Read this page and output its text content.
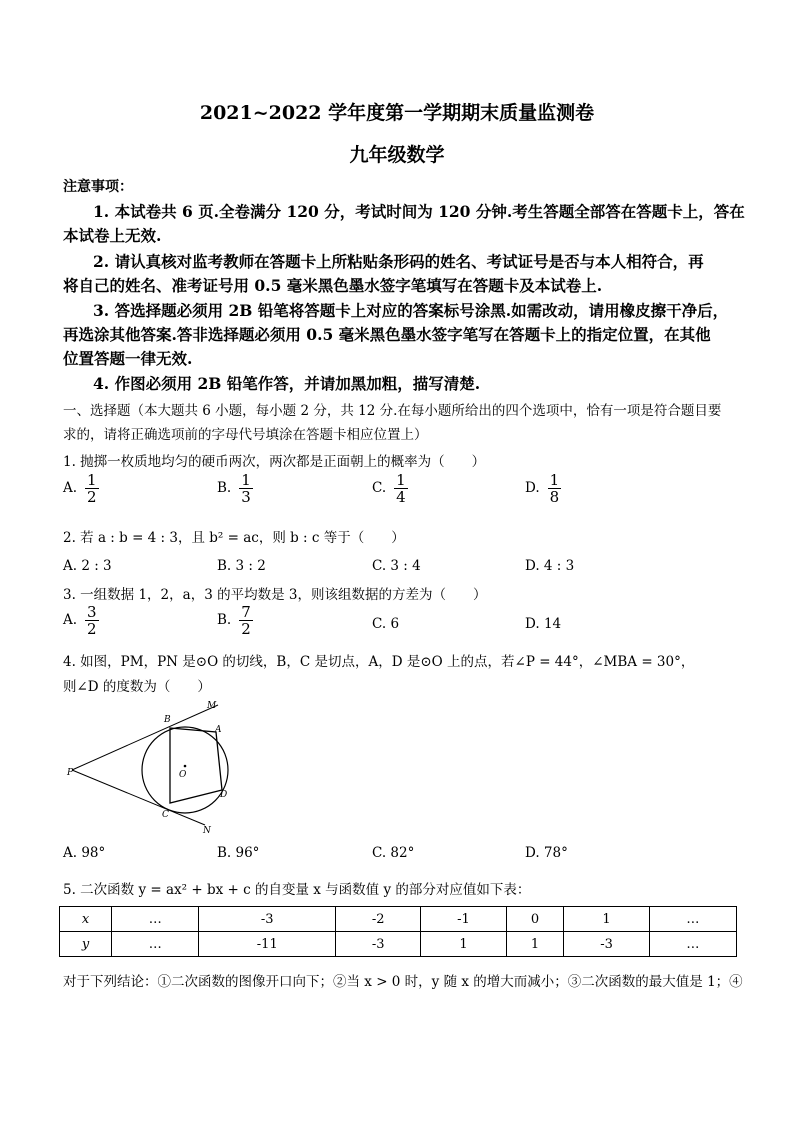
2021~2022 学年度第一学期期末质量监测卷
九年级数学
注意事项：
1. 本试卷共 6 页.全卷满分 120 分，考试时间为 120 分钟.考生答题全部答在答题卡上，答在
本试卷上无效.
2. 请认真核对监考教师在答题卡上所粘贴条形码的姓名、考试证号是否与本人相符合，再
将自己的姓名、准考证号用 0.5 毫米黑色墨水签字笔填写在答题卡及本试卷上.
3. 答选择题必须用 2B 铅笔将答题卡上对应的答案标号涂黑.如需改动，请用橡皮擦干净后，
再选涂其他答案.答非选择题必须用 0.5 毫米黑色墨水签字笔写在答题卡上的指定位置，在其他
位置答题一律无效.
4. 作图必须用 2B 铅笔作答，并请加黑加粗，描写清楚.
一、选择题（本大题共 6 小题，每小题 2 分，共 12 分.在每小题所给出的四个选项中，恰有一项是符合题目要
求的，请将正确选项前的字母代号填涂在答题卡相应位置上）
1. 抛掷一枚质地均匀的硬币两次，两次都是正面朝上的概率为（　　）
A. $\frac{1}{2}$	B. $\frac{1}{3}$	C. $\frac{1}{4}$	D. $\frac{1}{8}$
2. 若 a : b = 4 : 3，且 b² = ac，则 b : c 等于（　　）
A. 2 : 3	B. 3 : 2	C. 3 : 4	D. 4 : 3
3. 一组数据 1，2，a，3 的平均数是 3，则该组数据的方差为（　　）
A. $\frac{3}{2}$	B. $\frac{7}{2}$	C. 6	D. 14
4. 如图，PM，PN 是⊙O 的切线，B，C 是切点，A，D 是⊙O 上的点，若∠P = 44°，∠MBA = 30°，
则∠D 的度数为（　　）
M
B
A
P	O
D
C
N
A. 98°	B. 96°	C. 82°	D. 78°
5. 二次函数 y = ax² + bx + c 的自变量 x 与函数值 y 的部分对应值如下表：
x	…	-3	-2	-1	0	1	…
y	…	-11	-3	1	1	-3	…
对于下列结论：①二次函数的图像开口向下；②当 x > 0 时，y 随 x 的增大而减小；③二次函数的最大值是 1；④
